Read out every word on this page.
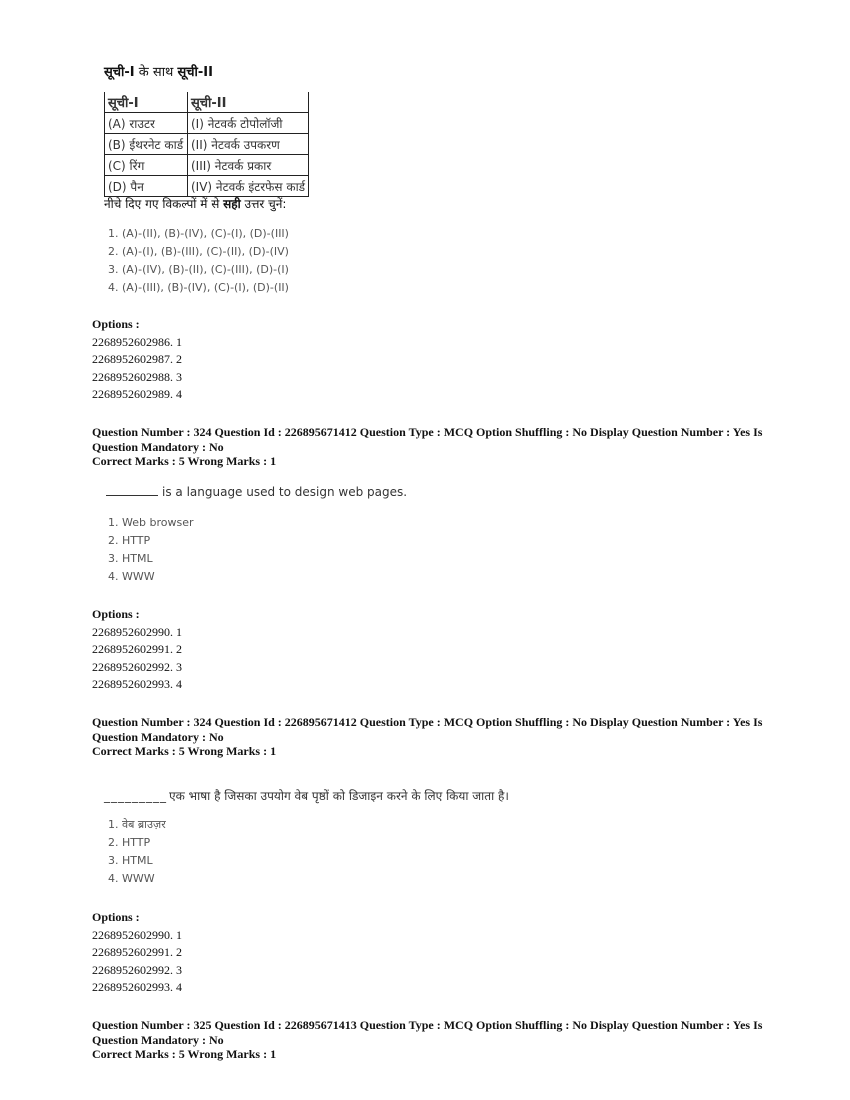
सूची-I के साथ सूची-II
सूची-I	सूची-II
(A) राउटर	(I) नेटवर्क टोपोलॉजी
(B) ईथरनेट कार्ड	(II) नेटवर्क उपकरण
(C) रिंग	(III) नेटवर्क प्रकार
(D) पैन	(IV) नेटवर्क इंटरफेस कार्ड
नीचे दिए गए विकल्पों में से सही उत्तर चुनें:
1. (A)-(II), (B)-(IV), (C)-(I), (D)-(III)
2. (A)-(I), (B)-(III), (C)-(II), (D)-(IV)
3. (A)-(IV), (B)-(II), (C)-(III), (D)-(I)
4. (A)-(III), (B)-(IV), (C)-(I), (D)-(II)
Options :
2268952602986. 1
2268952602987. 2
2268952602988. 3
2268952602989. 4
Question Number : 324 Question Id : 226895671412 Question Type : MCQ Option Shuffling : No Display Question Number : Yes Is Question Mandatory : No
Correct Marks : 5 Wrong Marks : 1
is a language used to design web pages.
1. Web browser
2. HTTP
3. HTML
4. WWW
Options :
2268952602990. 1
2268952602991. 2
2268952602992. 3
2268952602993. 4
Question Number : 324 Question Id : 226895671412 Question Type : MCQ Option Shuffling : No Display Question Number : Yes Is Question Mandatory : No
Correct Marks : 5 Wrong Marks : 1
_________ एक भाषा है जिसका उपयोग वेब पृष्ठों को डिजाइन करने के लिए किया जाता है।
1. वेब ब्राउज़र
2. HTTP
3. HTML
4. WWW
Options :
2268952602990. 1
2268952602991. 2
2268952602992. 3
2268952602993. 4
Question Number : 325 Question Id : 226895671413 Question Type : MCQ Option Shuffling : No Display Question Number : Yes Is Question Mandatory : No
Correct Marks : 5 Wrong Marks : 1
